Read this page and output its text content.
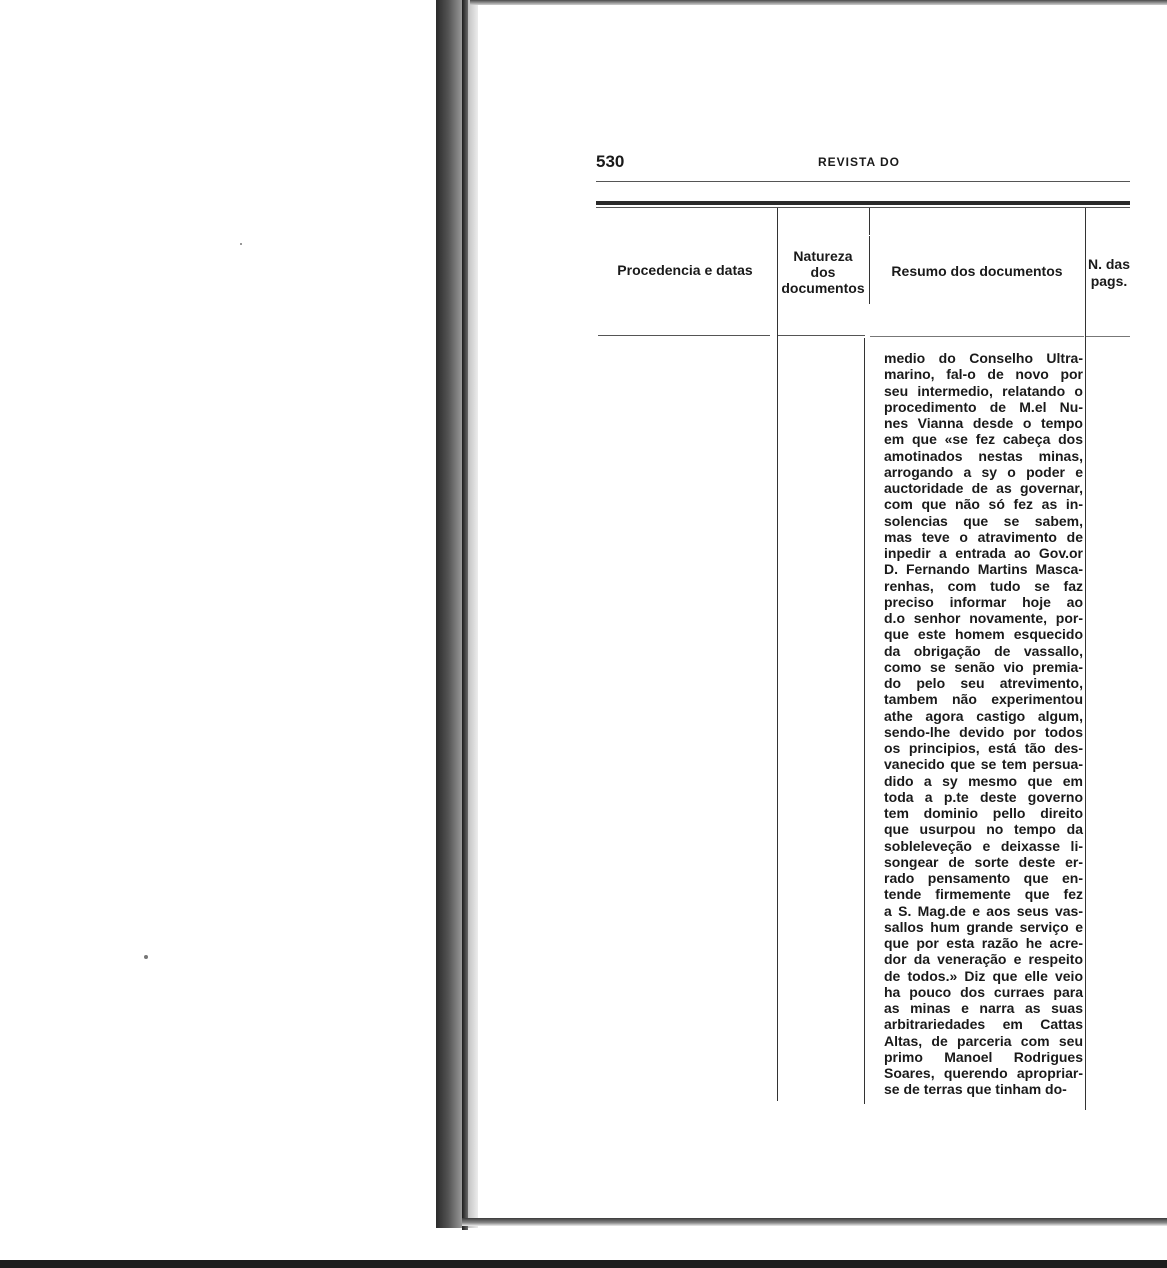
530	REVISTA DO
Procedencia e datas
Natureza
dos
documentos
Resumo dos documentos	N. das
pags.
medio do Conselho Ultra-
marino, fal-o de novo por
seu intermedio, relatando o
procedimento de M.el Nu-
nes Vianna desde o tempo
em que «se fez cabeça dos
amotinados nestas minas,
arrogando a sy o poder e
auctoridade de as governar,
com que não só fez as in-
solencias que se sabem,
mas teve o atravimento de
inpedir a entrada ao Gov.or
D. Fernando Martins Masca-
renhas, com tudo se faz
preciso informar hoje ao
d.o senhor novamente, por-
que este homem esquecido
da obrigação de vassallo,
como se senão vio premia-
do pelo seu atrevimento,
tambem não experimentou
athe agora castigo algum,
sendo-lhe devido por todos
os principios, está tão des-
vanecido que se tem persua-
dido a sy mesmo que em
toda a p.te deste governo
tem dominio pello direito
que usurpou no tempo da
sobleleveção e deixasse li-
songear de sorte deste er-
rado pensamento que en-
tende firmemente que fez
a S. Mag.de e aos seus vas-
sallos hum grande serviço e
que por esta razão he acre-
dor da veneração e respeito
de todos.» Diz que elle veio
ha pouco dos curraes para
as minas e narra as suas
arbitrariedades em Cattas
Altas, de parceria com seu
primo Manoel Rodrigues
Soares, querendo apropriar-
se de terras que tinham do-
